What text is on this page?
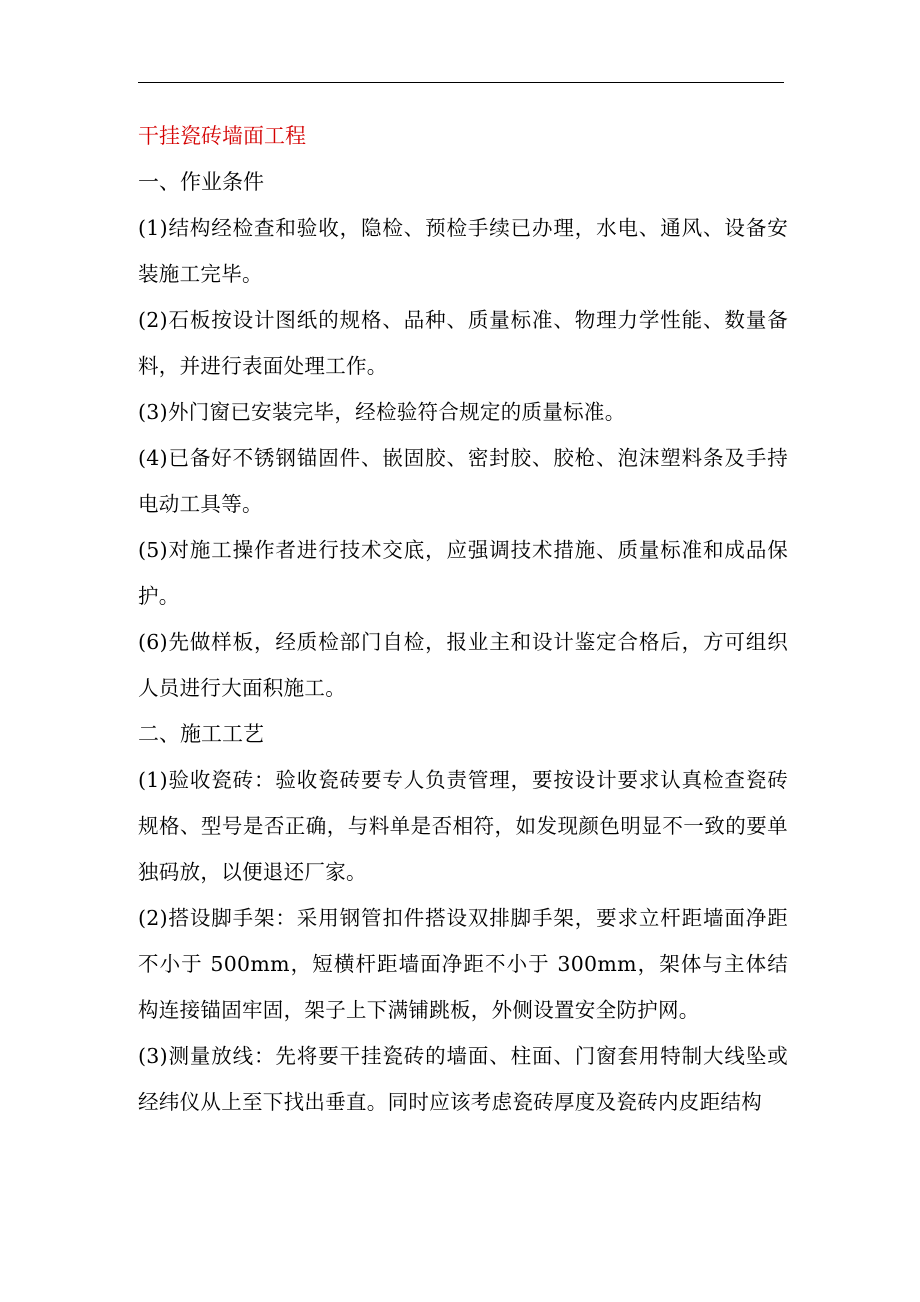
干挂瓷砖墙面工程
一、作业条件

(1)结构经检查和验收，隐检、预检手续已办理，水电、通风、设备安装施工完毕。

(2)石板按设计图纸的规格、品种、质量标准、物理力学性能、数量备料，并进行表面处理工作。

(3)外门窗已安装完毕，经检验符合规定的质量标准。

(4)已备好不锈钢锚固件、嵌固胶、密封胶、胶枪、泡沫塑料条及手持电动工具等。

(5)对施工操作者进行技术交底，应强调技术措施、质量标准和成品保护。

(6)先做样板，经质检部门自检，报业主和设计鉴定合格后，方可组织人员进行大面积施工。

二、施工工艺

(1)验收瓷砖：验收瓷砖要专人负责管理，要按设计要求认真检查瓷砖规格、型号是否正确，与料单是否相符，如发现颜色明显不一致的要单独码放，以便退还厂家。

(2)搭设脚手架：采用钢管扣件搭设双排脚手架，要求立杆距墙面净距不小于 500mm，短横杆距墙面净距不小于 300mm，架体与主体结构连接锚固牢固，架子上下满铺跳板，外侧设置安全防护网。

(3)测量放线：先将要干挂瓷砖的墙面、柱面、门窗套用特制大线坠或经纬仪从上至下找出垂直。同时应该考虑瓷砖厚度及瓷砖内皮距结构
